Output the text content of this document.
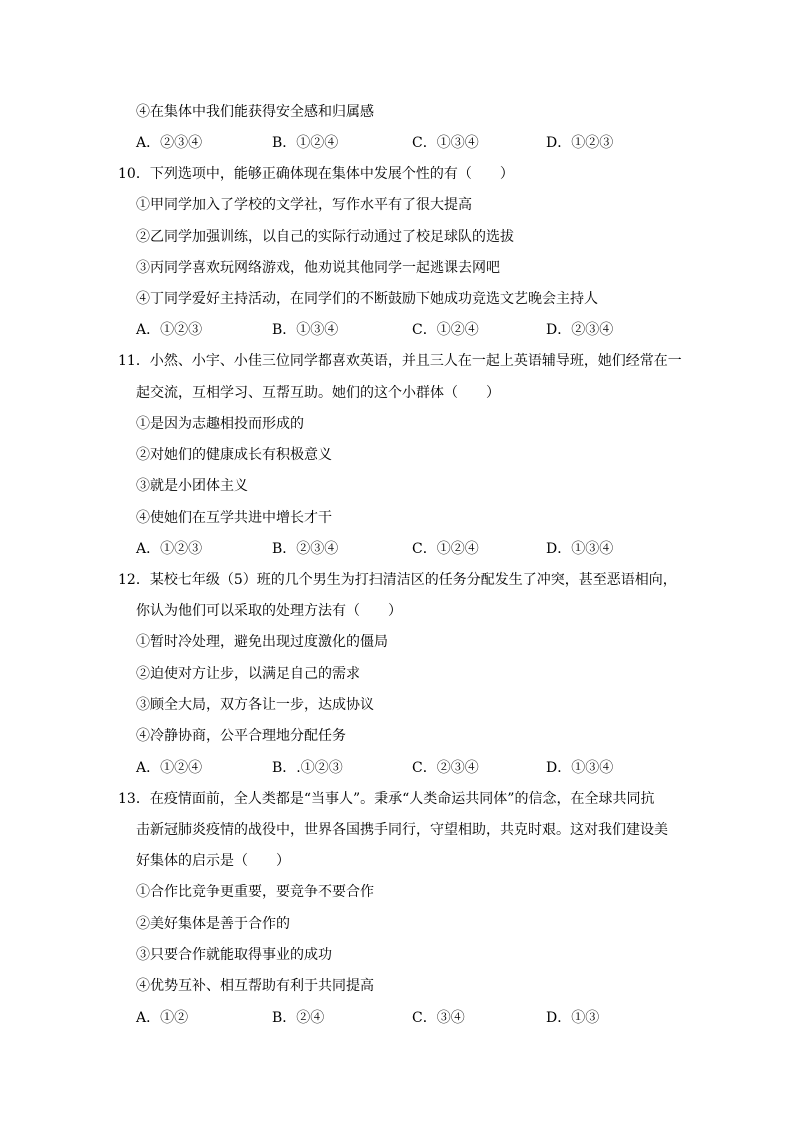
④在集体中我们能获得安全感和归属感
A．②③④	B．①②④	C．①③④	D．①②③
10．下列选项中，能够正确体现在集体中发展个性的有（　　）
①甲同学加入了学校的文学社，写作水平有了很大提高
②乙同学加强训练，以自己的实际行动通过了校足球队的选拔
③丙同学喜欢玩网络游戏，他劝说其他同学一起逃课去网吧
④丁同学爱好主持活动，在同学们的不断鼓励下她成功竞选文艺晚会主持人
A．①②③	B．①③④	C．①②④	D．②③④
11．小然、小宇、小佳三位同学都喜欢英语，并且三人在一起上英语辅导班，她们经常在一
起交流，互相学习、互帮互助。她们的这个小群体（　　）
①是因为志趣相投而形成的
②对她们的健康成长有积极意义
③就是小团体主义
④使她们在互学共进中增长才干
A．①②③	B．②③④	C．①②④	D．①③④
12．某校七年级（5）班的几个男生为打扫清洁区的任务分配发生了冲突，甚至恶语相向，
你认为他们可以采取的处理方法有（　　）
①暂时冷处理，避免出现过度激化的僵局
②迫使对方让步，以满足自己的需求
③顾全大局，双方各让一步，达成协议
④冷静协商，公平合理地分配任务
A．①②④	B．.①②③	C．②③④	D．①③④
13．在疫情面前，全人类都是“当事人”。秉承“人类命运共同体”的信念，在全球共同抗
击新冠肺炎疫情的战役中，世界各国携手同行，守望相助，共克时艰。这对我们建设美
好集体的启示是（　　）
①合作比竞争更重要，要竞争不要合作
②美好集体是善于合作的
③只要合作就能取得事业的成功
④优势互补、相互帮助有利于共同提高
A．①②	B．②④	C．③④	D．①③
